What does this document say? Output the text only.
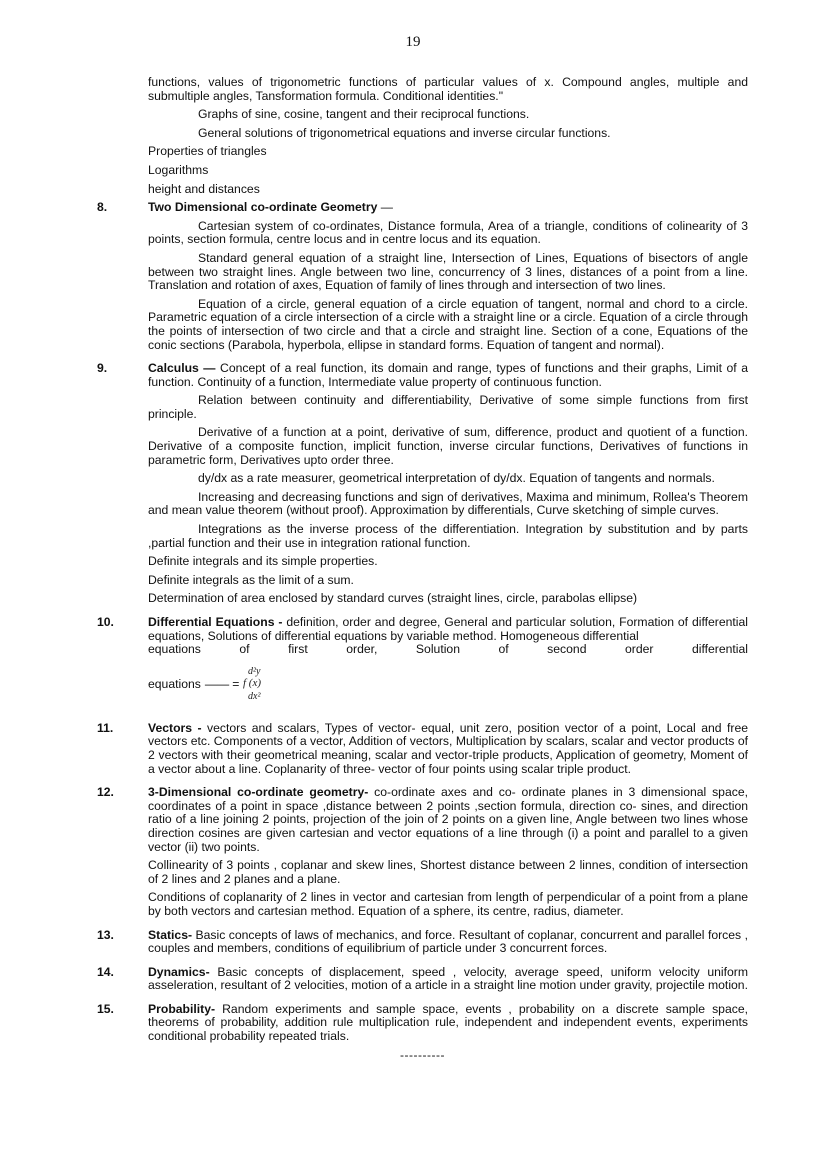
19

functions, values of trigonometric functions of particular values of x. Compound angles, multiple and submultiple angles, Tansformation formula. Conditional identities."

Graphs of sine, cosine, tangent and their reciprocal functions.

General solutions of trigonometrical equations and inverse circular functions.

Properties of triangles

Logarithms

height and distances

8.	Two Dimensional co-ordinate Geometry —

Cartesian system of co-ordinates, Distance formula, Area of a triangle, conditions of colinearity of 3 points, section formula, centre locus and in centre locus and its equation.

Standard general equation of a straight line, Intersection of Lines, Equations of bisectors of angle between two straight lines. Angle between two line, concurrency of 3 lines, distances of a point from a line. Translation and rotation of axes, Equation of family of lines through and intersection of two lines.

Equation of a circle, general equation of a circle equation of tangent, normal and chord to a circle. Parametric equation of a circle intersection of a circle with a straight line or a circle. Equation of a circle through the points of intersection of two circle and that a circle and straight line. Section of a cone, Equations of the conic sections (Parabola, hyperbola, ellipse in standard forms. Equation of tangent and normal).

9.	Calculus — Concept of a real function, its domain and range, types of functions and their graphs, Limit of a function. Continuity of a function, Intermediate value property of continuous function.

Relation between continuity and differentiability, Derivative of some simple functions from first principle.

Derivative of a function at a point, derivative of sum, difference, product and quotient of a function. Derivative of a composite function, implicit function, inverse circular functions, Derivatives of functions in parametric form, Derivatives upto order three.

dy/dx as a rate measurer, geometrical interpretation of dy/dx. Equation of tangents and normals.

Increasing and decreasing functions and sign of derivatives, Maxima and minimum, Rollea's Theorem and mean value theorem (without proof). Approximation by differentials, Curve sketching of simple curves.

Integrations as the inverse process of the differentiation. Integration by substitution and by parts ,partial function and their use in integration rational function.

Definite integrals and its simple properties.

Definite integrals as the limit of a sum.

Determination of area enclosed by standard curves (straight lines, circle, parabolas ellipse)

10.	Differential Equations - definition, order and degree, General and particular solution, Formation of differential equations, Solutions of differential equations by variable method. Homogeneous differential

equations of first order, Solution of second order differential

equations —— =
d²y
f (x)
dx²
11.	Vectors - vectors and scalars, Types of vector- equal, unit zero, position vector of a point, Local and free vectors etc. Components of a vector, Addition of vectors, Multiplication by scalars, scalar and vector products of 2 vectors with their geometrical meaning, scalar and vector-triple products, Application of geometry, Moment of a vector about a line. Coplanarity of three- vector of four points using scalar triple product.

12.	3-Dimensional co-ordinate geometry- co-ordinate axes and co- ordinate planes in 3 dimensional space, coordinates of a point in space ,distance between 2 points ,section formula, direction co- sines, and direction ratio of a line joining 2 points, projection of the join of 2 points on a given line, Angle between two lines whose direction cosines are given cartesian and vector equations of a line through (i) a point and parallel to a given vector (ii) two points.

Collinearity of 3 points , coplanar and skew lines, Shortest distance between 2 linnes, condition of intersection of 2 lines and 2 planes and a plane.

Conditions of coplanarity of 2 lines in vector and cartesian from length of perpendicular of a point from a plane by both vectors and cartesian method. Equation of a sphere, its centre, radius, diameter.

13.	Statics- Basic concepts of laws of mechanics, and force. Resultant of coplanar, concurrent and parallel forces , couples and members, conditions of equilibrium of particle under 3 concurrent forces.

14.	Dynamics- Basic concepts of displacement, speed , velocity, average speed, uniform velocity uniform asseleration, resultant of 2 velocities, motion of a article in a straight line motion under gravity, projectile motion.

15.	Probability- Random experiments and sample space, events , probability on a discrete sample space, theorems of probability, addition rule multiplication rule, independent and independent events, experiments conditional probability repeated trials.

----------
